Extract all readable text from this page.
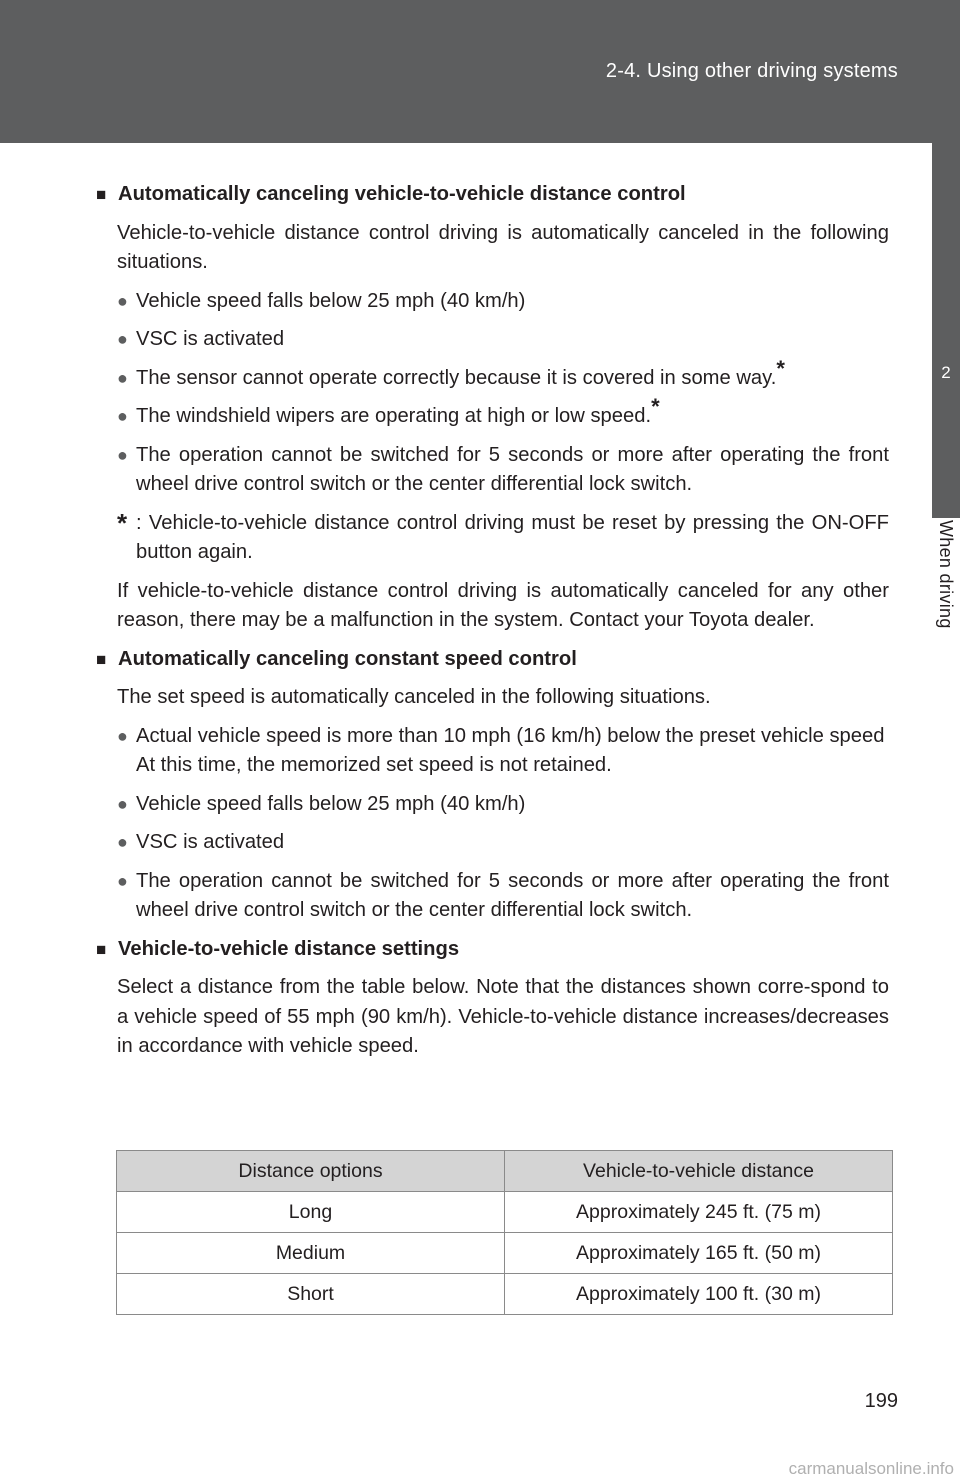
2-4. Using other driving systems
2
When driving
■ Automatically canceling vehicle-to-vehicle distance control
Vehicle-to-vehicle distance control driving is automatically canceled in the following situations.
● Vehicle speed falls below 25 mph (40 km/h)
● VSC is activated
● The sensor cannot operate correctly because it is covered in some way.*
● The windshield wipers are operating at high or low speed.*
● The operation cannot be switched for 5 seconds or more after operating the front wheel drive control switch or the center differential lock switch.
* : Vehicle-to-vehicle distance control driving must be reset by pressing the ON-OFF button again.
If vehicle-to-vehicle distance control driving is automatically canceled for any other reason, there may be a malfunction in the system. Contact your Toyota dealer.
■ Automatically canceling constant speed control
The set speed is automatically canceled in the following situations.
● Actual vehicle speed is more than 10 mph (16 km/h) below the preset vehicle speed
At this time, the memorized set speed is not retained.
● Vehicle speed falls below 25 mph (40 km/h)
● VSC is activated
● The operation cannot be switched for 5 seconds or more after operating the front wheel drive control switch or the center differential lock switch.
■ Vehicle-to-vehicle distance settings
Select a distance from the table below. Note that the distances shown corre-spond to a vehicle speed of 55 mph (90 km/h). Vehicle-to-vehicle distance increases/decreases in accordance with vehicle speed.
Distance options	Vehicle-to-vehicle distance
Long	Approximately 245 ft. (75 m)
Medium	Approximately 165 ft. (50 m)
Short	Approximately 100 ft. (30 m)
199
carmanualsonline.info
